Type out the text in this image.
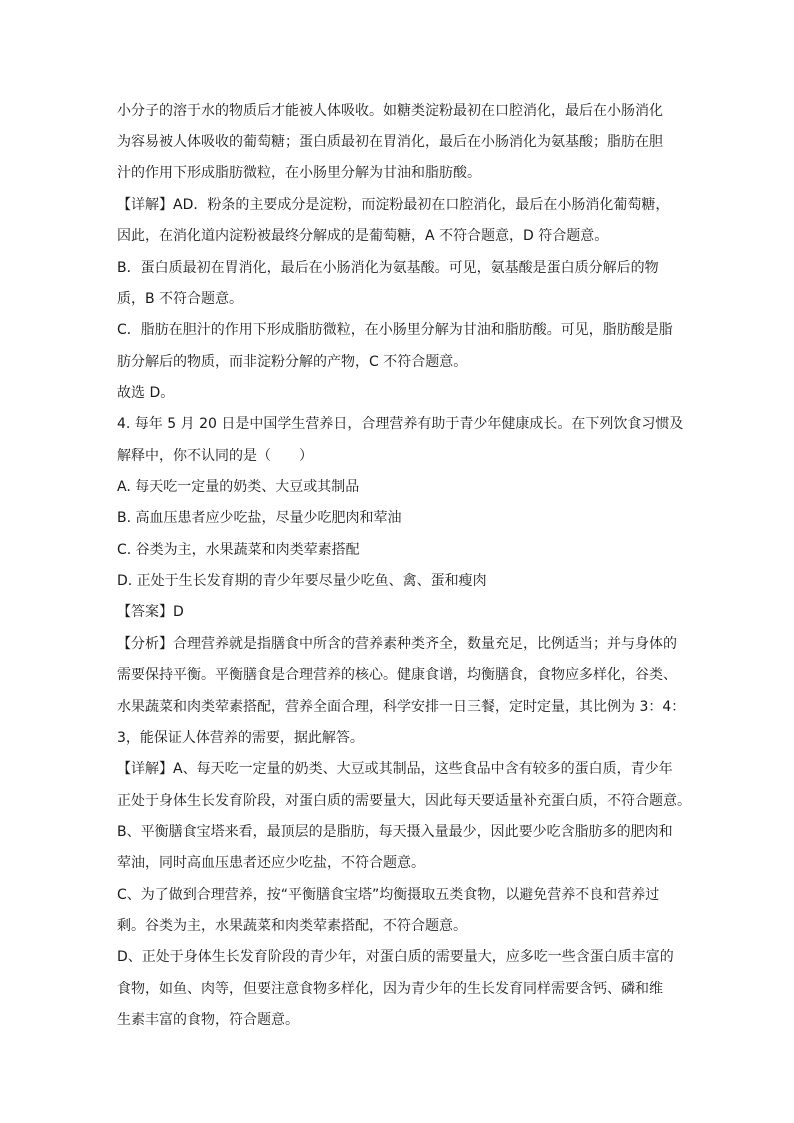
小分子的溶于水的物质后才能被人体吸收。如糖类淀粉最初在口腔消化，最后在小肠消化
为容易被人体吸收的葡萄糖；蛋白质最初在胃消化，最后在小肠消化为氨基酸；脂肪在胆
汁的作用下形成脂肪微粒，在小肠里分解为甘油和脂肪酸。
【详解】AD．粉条的主要成分是淀粉，而淀粉最初在口腔消化，最后在小肠消化葡萄糖，
因此，在消化道内淀粉被最终分解成的是葡萄糖，A 不符合题意，D 符合题意。
B．蛋白质最初在胃消化，最后在小肠消化为氨基酸。可见，氨基酸是蛋白质分解后的物
质，B 不符合题意。
C．脂肪在胆汁的作用下形成脂肪微粒，在小肠里分解为甘油和脂肪酸。可见，脂肪酸是脂
肪分解后的物质，而非淀粉分解的产物，C 不符合题意。
故选 D。
4. 每年 5 月 20 日是中国学生营养日，合理营养有助于青少年健康成长。在下列饮食习惯及
解释中，你不认同的是（　　）
A. 每天吃一定量的奶类、大豆或其制品
B. 高血压患者应少吃盐，尽量少吃肥肉和荤油
C. 谷类为主，水果蔬菜和肉类荤素搭配
D. 正处于生长发育期的青少年要尽量少吃鱼、禽、蛋和瘦肉
【答案】D
【分析】合理营养就是指膳食中所含的营养素种类齐全，数量充足，比例适当；并与身体的
需要保持平衡。平衡膳食是合理营养的核心。健康食谱，均衡膳食，食物应多样化，谷类、
水果蔬菜和肉类荤素搭配，营养全面合理，科学安排一日三餐，定时定量，其比例为 3：4：
3，能保证人体营养的需要，据此解答。
【详解】A、每天吃一定量的奶类、大豆或其制品，这些食品中含有较多的蛋白质，青少年
正处于身体生长发育阶段，对蛋白质的需要量大，因此每天要适量补充蛋白质，不符合题意。
B、平衡膳食宝塔来看，最顶层的是脂肪，每天摄入量最少，因此要少吃含脂肪多的肥肉和
荤油，同时高血压患者还应少吃盐，不符合题意。
C、为了做到合理营养，按“平衡膳食宝塔”均衡摄取五类食物，以避免营养不良和营养过
剩。谷类为主，水果蔬菜和肉类荤素搭配，不符合题意。
D、正处于身体生长发育阶段的青少年，对蛋白质的需要量大，应多吃一些含蛋白质丰富的
食物，如鱼、肉等，但要注意食物多样化，因为青少年的生长发育同样需要含钙、磷和维
生素丰富的食物，符合题意。
